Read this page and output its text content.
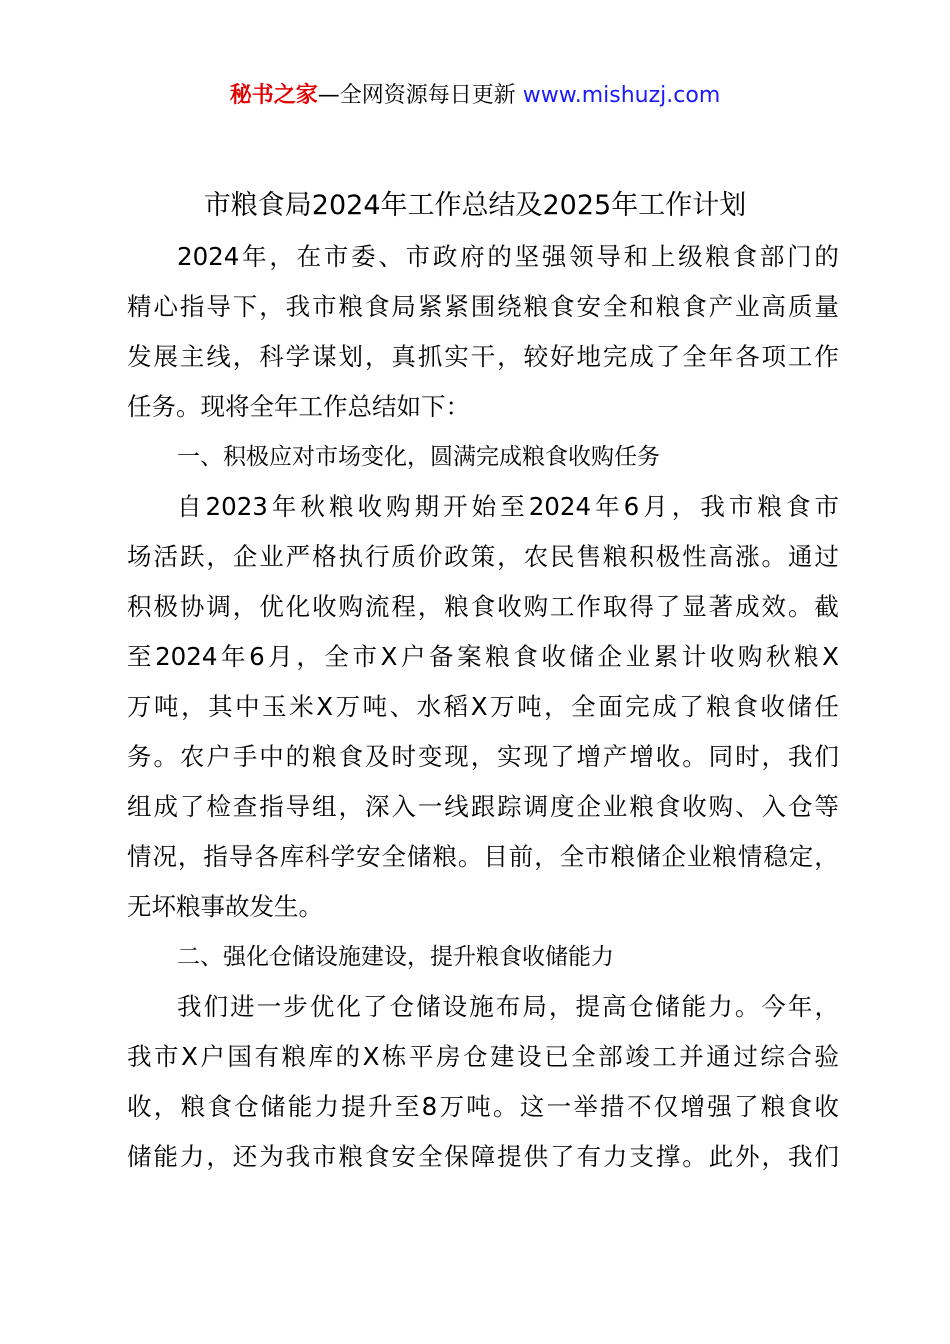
秘书之家—全网资源每日更新 www.mishuzj.com
市粮食局2024年工作总结及2025年工作计划
2024 年 ， 在 市 委 、 市 政 府 的 坚 强 领 导 和 上 级 粮 食 部 门 的
精 心 指 导 下 ， 我 市 粮 食 局 紧 紧 围 绕 粮 食 安 全 和 粮 食 产 业 高 质 量
发 展 主 线 ， 科 学 谋 划 ， 真 抓 实 干 ， 较 好 地 完 成 了 全 年 各 项 工 作
任务。现将全年工作总结如下：
一、积极应对市场变化，圆满完成粮食收购任务
自 2023 年 秋 粮 收 购 期 开 始 至 2024 年 6 月 ， 我 市 粮 食 市
场 活 跃 ， 企 业 严 格 执 行 质 价 政 策 ， 农 民 售 粮 积 极 性 高 涨 。 通 过
积 极 协 调 ， 优 化 收 购 流 程 ， 粮 食 收 购 工 作 取 得 了 显 著 成 效 。 截
至 2024 年 6 月 ， 全 市 X 户 备 案 粮 食 收 储 企 业 累 计 收 购 秋 粮 X
万 吨 ， 其 中 玉 米 X 万 吨 、 水 稻 X 万 吨 ， 全 面 完 成 了 粮 食 收 储 任
务 。 农 户 手 中 的 粮 食 及 时 变 现 ， 实 现 了 增 产 增 收 。 同 时 ， 我 们
组 成 了 检 查 指 导 组 ， 深 入 一 线 跟 踪 调 度 企 业 粮 食 收 购 、 入 仓 等
情 况 ， 指 导 各 库 科 学 安 全 储 粮 。 目 前 ， 全 市 粮 储 企 业 粮 情 稳 定 ，
无坏粮事故发生。
二、强化仓储设施建设，提升粮食收储能力
我 们 进 一 步 优 化 了 仓 储 设 施 布 局 ， 提 高 仓 储 能 力 。 今 年 ，
我 市 X 户 国 有 粮 库 的 X 栋 平 房 仓 建 设 已 全 部 竣 工 并 通 过 综 合 验
收 ， 粮 食 仓 储 能 力 提 升 至 8 万 吨 。 这 一 举 措 不 仅 增 强 了 粮 食 收
储 能 力 ， 还 为 我 市 粮 食 安 全 保 障 提 供 了 有 力 支 撑 。 此 外 ， 我 们
